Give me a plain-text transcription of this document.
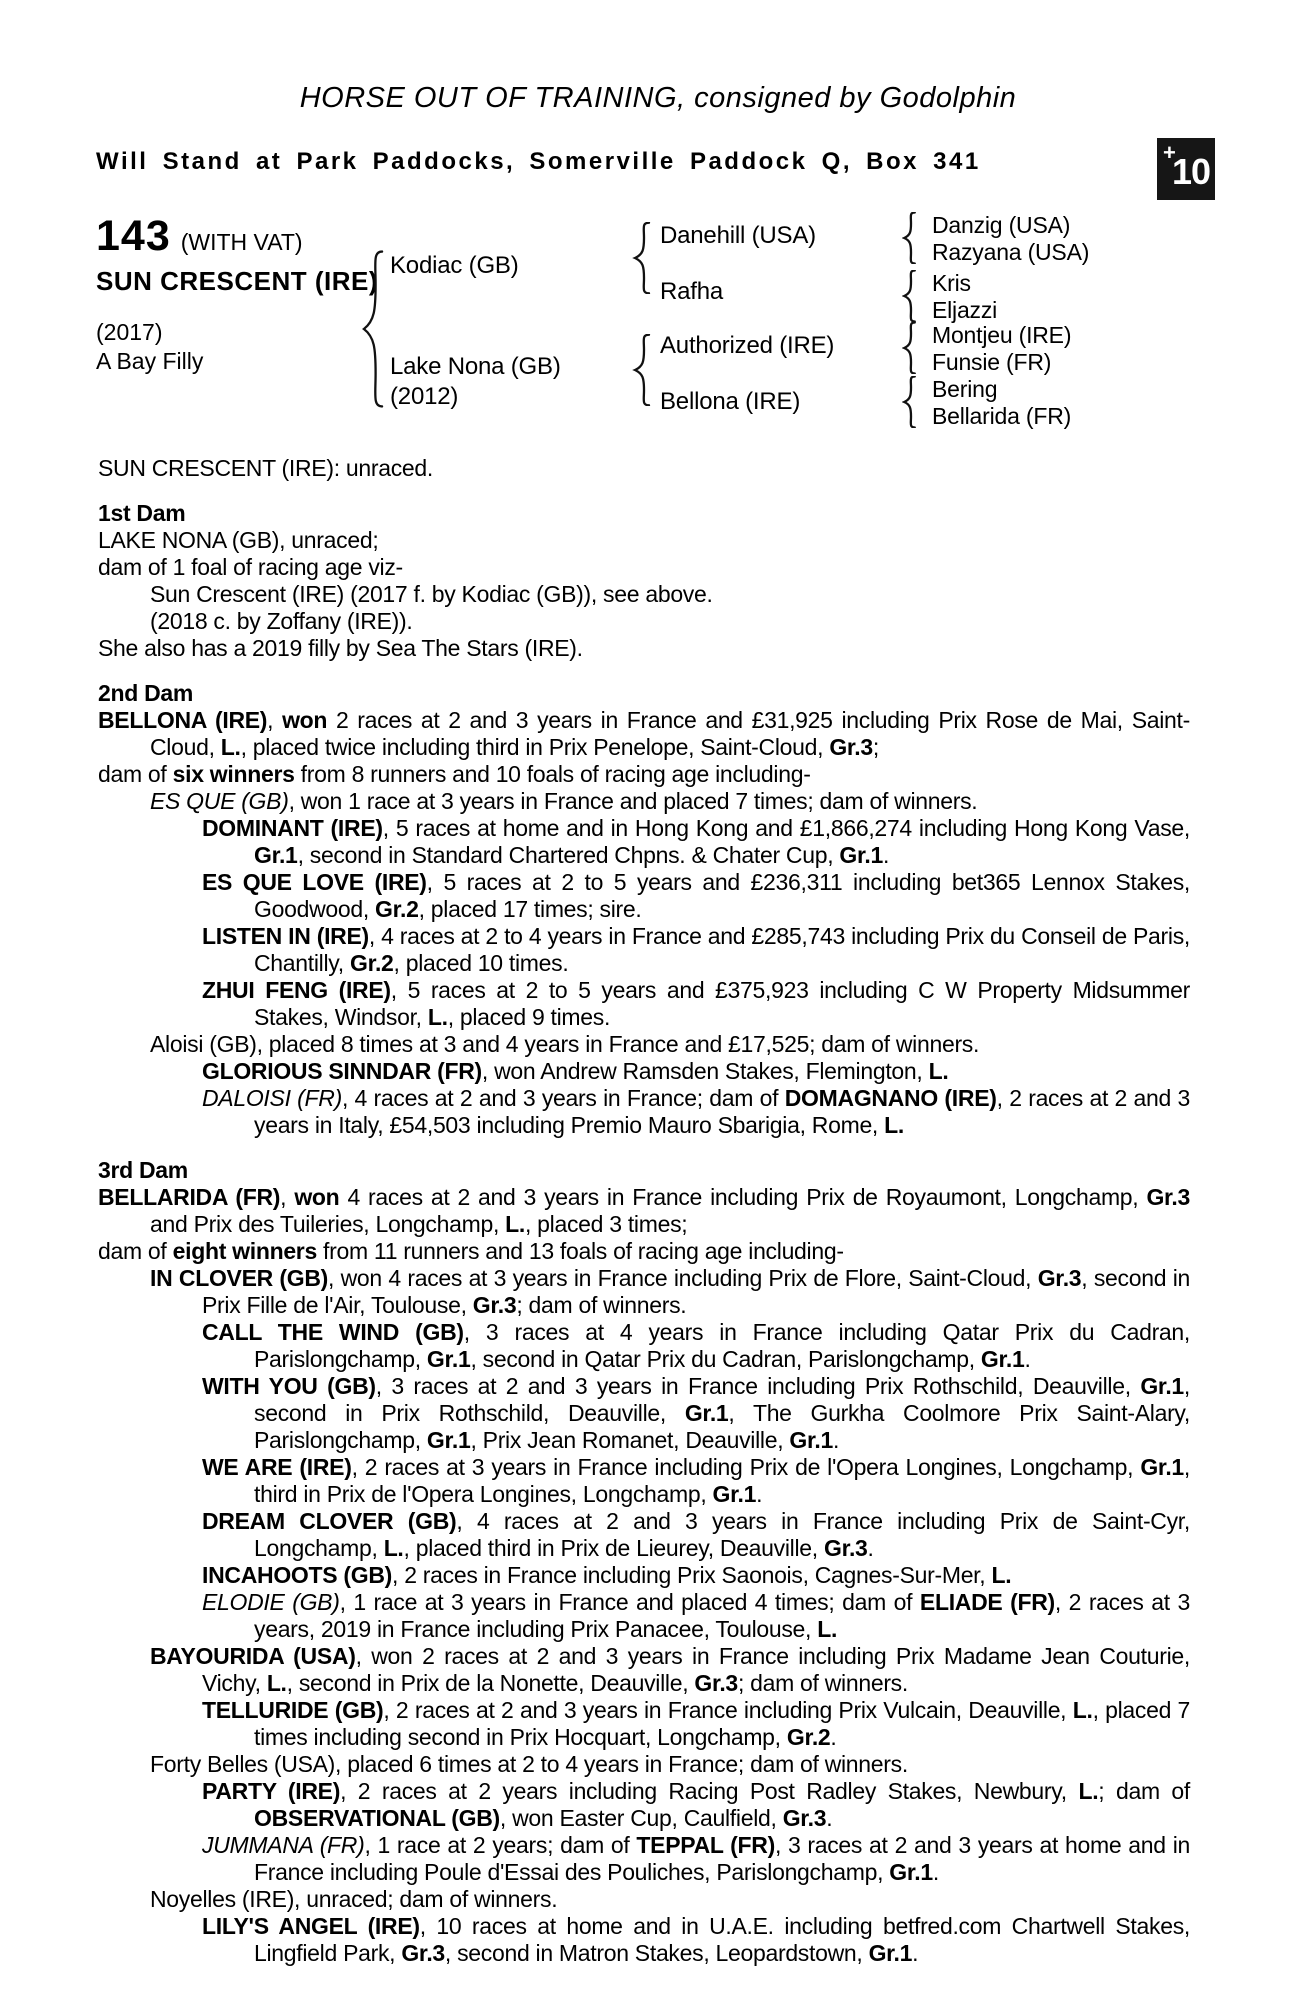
HORSE OUT OF TRAINING, consigned by Godolphin
Will Stand at Park Paddocks, Somerville Paddock Q, Box 341	+
10
143 (WITH VAT)
SUN CRESCENT (IRE)
(2017)
A Bay Filly
Kodiac (GB)
Lake Nona (GB) (2012)
Danehill (USA)
Rafha
Authorized (IRE)
Bellona (IRE)
Danzig (USA)
Razyana (USA)
Kris
Eljazzi
Montjeu (IRE)
Funsie (FR)
Bering
Bellarida (FR)

SUN CRESCENT (IRE): unraced.

1st Dam

LAKE NONA (GB), unraced;

dam of 1 foal of racing age viz-

Sun Crescent (IRE) (2017 f. by Kodiac (GB)), see above.

(2018 c. by Zoffany (IRE)).

She also has a 2019 filly by Sea The Stars (IRE).

2nd Dam

BELLONA (IRE), won 2 races at 2 and 3 years in France and £31,925 including Prix Rose de Mai, Saint-Cloud, L., placed twice including third in Prix Penelope, Saint-Cloud, Gr.3;

dam of six winners from 8 runners and 10 foals of racing age including-

ES QUE (GB), won 1 race at 3 years in France and placed 7 times; dam of winners.

DOMINANT (IRE), 5 races at home and in Hong Kong and £1,866,274 including Hong Kong Vase, Gr.1, second in Standard Chartered Chpns. & Chater Cup, Gr.1.

ES QUE LOVE (IRE), 5 races at 2 to 5 years and £236,311 including bet365 Lennox Stakes, Goodwood, Gr.2, placed 17 times; sire.

LISTEN IN (IRE), 4 races at 2 to 4 years in France and £285,743 including Prix du Conseil de Paris, Chantilly, Gr.2, placed 10 times.

ZHUI FENG (IRE), 5 races at 2 to 5 years and £375,923 including C W Property Midsummer Stakes, Windsor, L., placed 9 times.

Aloisi (GB), placed 8 times at 3 and 4 years in France and £17,525; dam of winners.

GLORIOUS SINNDAR (FR), won Andrew Ramsden Stakes, Flemington, L.

DALOISI (FR), 4 races at 2 and 3 years in France; dam of DOMAGNANO (IRE), 2 races at 2 and 3 years in Italy, £54,503 including Premio Mauro Sbarigia, Rome, L.

3rd Dam

BELLARIDA (FR), won 4 races at 2 and 3 years in France including Prix de Royaumont, Longchamp, Gr.3 and Prix des Tuileries, Longchamp, L., placed 3 times;

dam of eight winners from 11 runners and 13 foals of racing age including-

IN CLOVER (GB), won 4 races at 3 years in France including Prix de Flore, Saint-Cloud, Gr.3, second in Prix Fille de l'Air, Toulouse, Gr.3; dam of winners.

CALL THE WIND (GB), 3 races at 4 years in France including Qatar Prix du Cadran, Parislongchamp, Gr.1, second in Qatar Prix du Cadran, Parislongchamp, Gr.1.

WITH YOU (GB), 3 races at 2 and 3 years in France including Prix Rothschild, Deauville, Gr.1, second in Prix Rothschild, Deauville, Gr.1, The Gurkha Coolmore Prix Saint-Alary, Parislongchamp, Gr.1, Prix Jean Romanet, Deauville, Gr.1.

WE ARE (IRE), 2 races at 3 years in France including Prix de l'Opera Longines, Longchamp, Gr.1, third in Prix de l'Opera Longines, Longchamp, Gr.1.

DREAM CLOVER (GB), 4 races at 2 and 3 years in France including Prix de Saint-Cyr, Longchamp, L., placed third in Prix de Lieurey, Deauville, Gr.3.

INCAHOOTS (GB), 2 races in France including Prix Saonois, Cagnes-Sur-Mer, L.

ELODIE (GB), 1 race at 3 years in France and placed 4 times; dam of ELIADE (FR), 2 races at 3 years, 2019 in France including Prix Panacee, Toulouse, L.

BAYOURIDA (USA), won 2 races at 2 and 3 years in France including Prix Madame Jean Couturie, Vichy, L., second in Prix de la Nonette, Deauville, Gr.3; dam of winners.

TELLURIDE (GB), 2 races at 2 and 3 years in France including Prix Vulcain, Deauville, L., placed 7 times including second in Prix Hocquart, Longchamp, Gr.2.

Forty Belles (USA), placed 6 times at 2 to 4 years in France; dam of winners.

PARTY (IRE), 2 races at 2 years including Racing Post Radley Stakes, Newbury, L.; dam of OBSERVATIONAL (GB), won Easter Cup, Caulfield, Gr.3.

JUMMANA (FR), 1 race at 2 years; dam of TEPPAL (FR), 3 races at 2 and 3 years at home and in France including Poule d'Essai des Pouliches, Parislongchamp, Gr.1.

Noyelles (IRE), unraced; dam of winners.

LILY'S ANGEL (IRE), 10 races at home and in U.A.E. including betfred.com Chartwell Stakes, Lingfield Park, Gr.3, second in Matron Stakes, Leopardstown, Gr.1.
